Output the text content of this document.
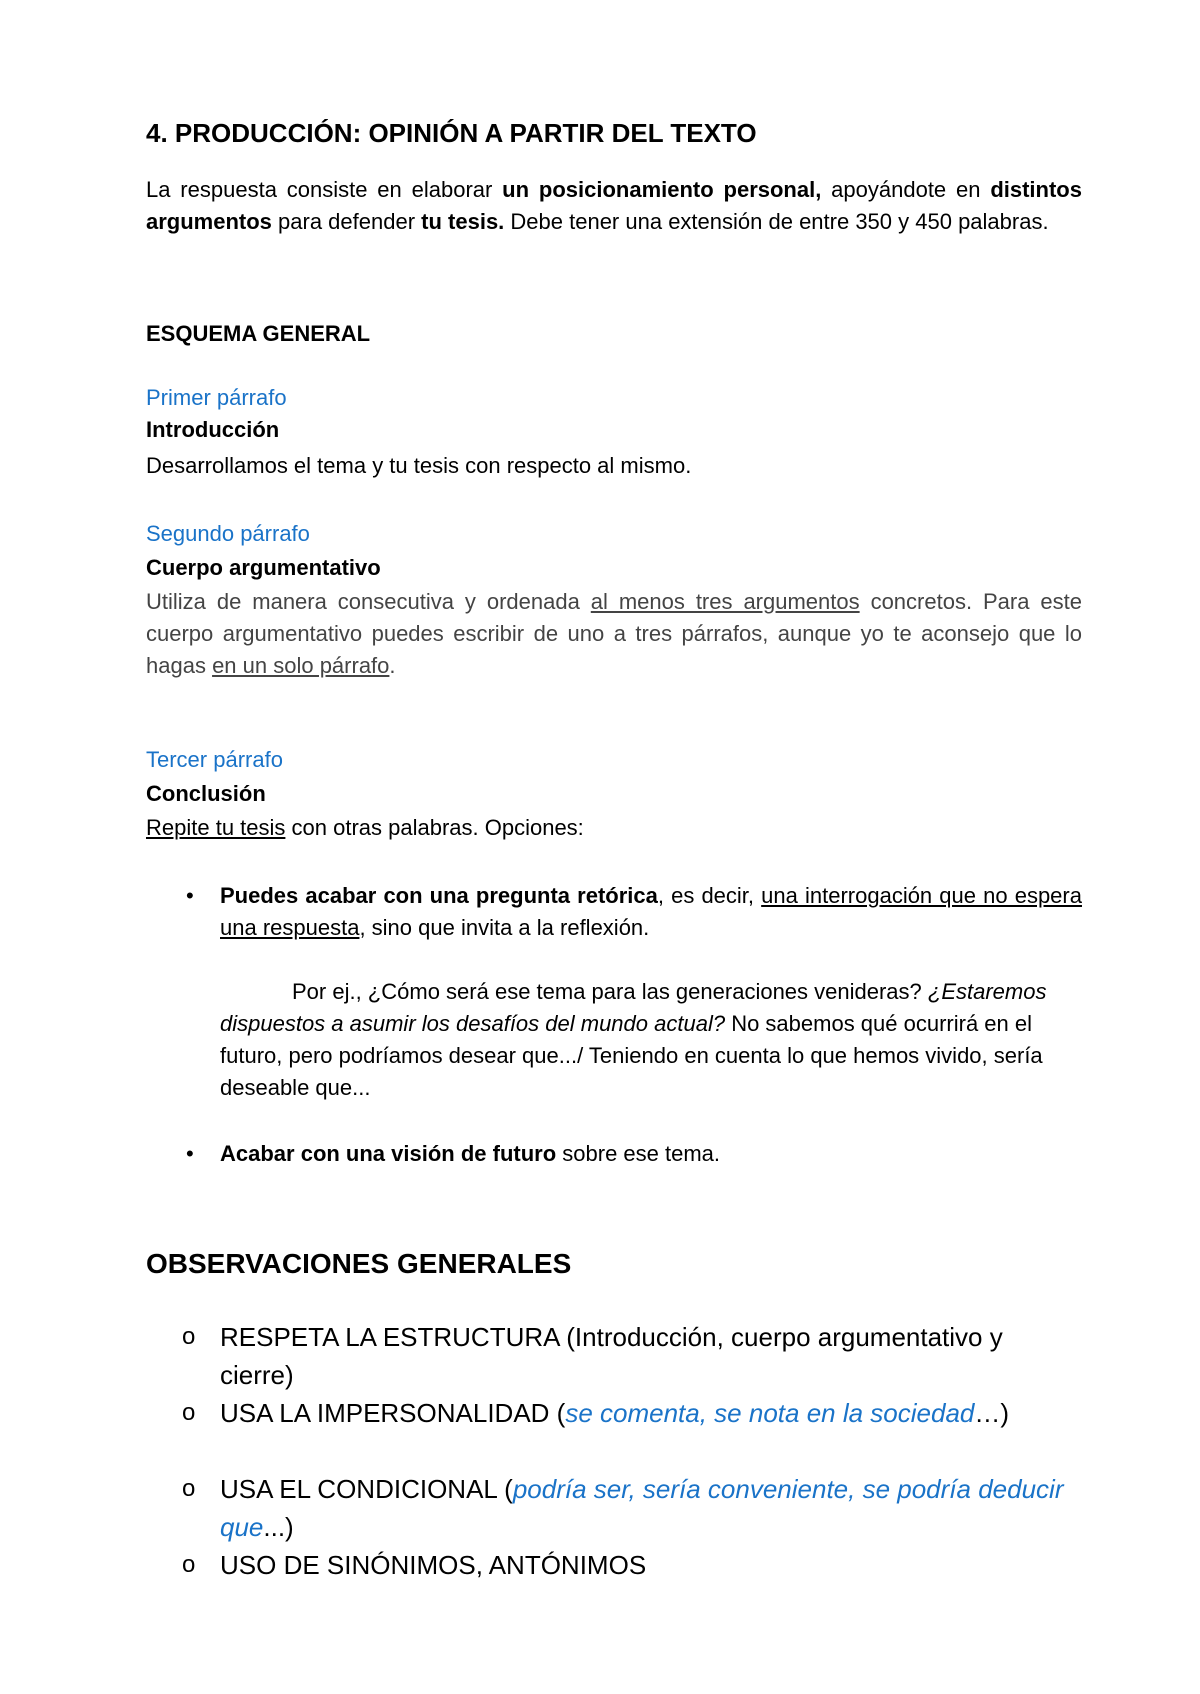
4. PRODUCCIÓN: OPINIÓN A PARTIR DEL TEXTO

La respuesta consiste en elaborar un posicionamiento personal, apoyándote en distintos argumentos para defender tu tesis. Debe tener una extensión de entre 350 y 450 palabras.

ESQUEMA GENERAL

Primer párrafo

Introducción

Desarrollamos el tema y tu tesis con respecto al mismo.

Segundo párrafo

Cuerpo argumentativo

Utiliza de manera consecutiva y ordenada al menos tres argumentos concretos. Para este cuerpo argumentativo puedes escribir de uno a tres párrafos, aunque yo te aconsejo que lo hagas en un solo párrafo.

Tercer párrafo

Conclusión

Repite tu tesis con otras palabras. Opciones:

• Puedes acabar con una pregunta retórica, es decir, una interrogación que no espera una respuesta, sino que invita a la reflexión.

Por ej., ¿Cómo será ese tema para las generaciones venideras? ¿Estaremos dispuestos a asumir los desafíos del mundo actual? No sabemos qué ocurrirá en el futuro, pero podríamos desear que.../ Teniendo en cuenta lo que hemos vivido, sería deseable que...

• Acabar con una visión de futuro sobre ese tema.

OBSERVACIONES GENERALES
o RESPETA LA ESTRUCTURA (Introducción, cuerpo argumentativo y cierre)

o USA LA IMPERSONALIDAD (se comenta, se nota en la sociedad…)

o USA EL CONDICIONAL (podría ser, sería conveniente, se podría deducir que...)

o USO DE SINÓNIMOS, ANTÓNIMOS
